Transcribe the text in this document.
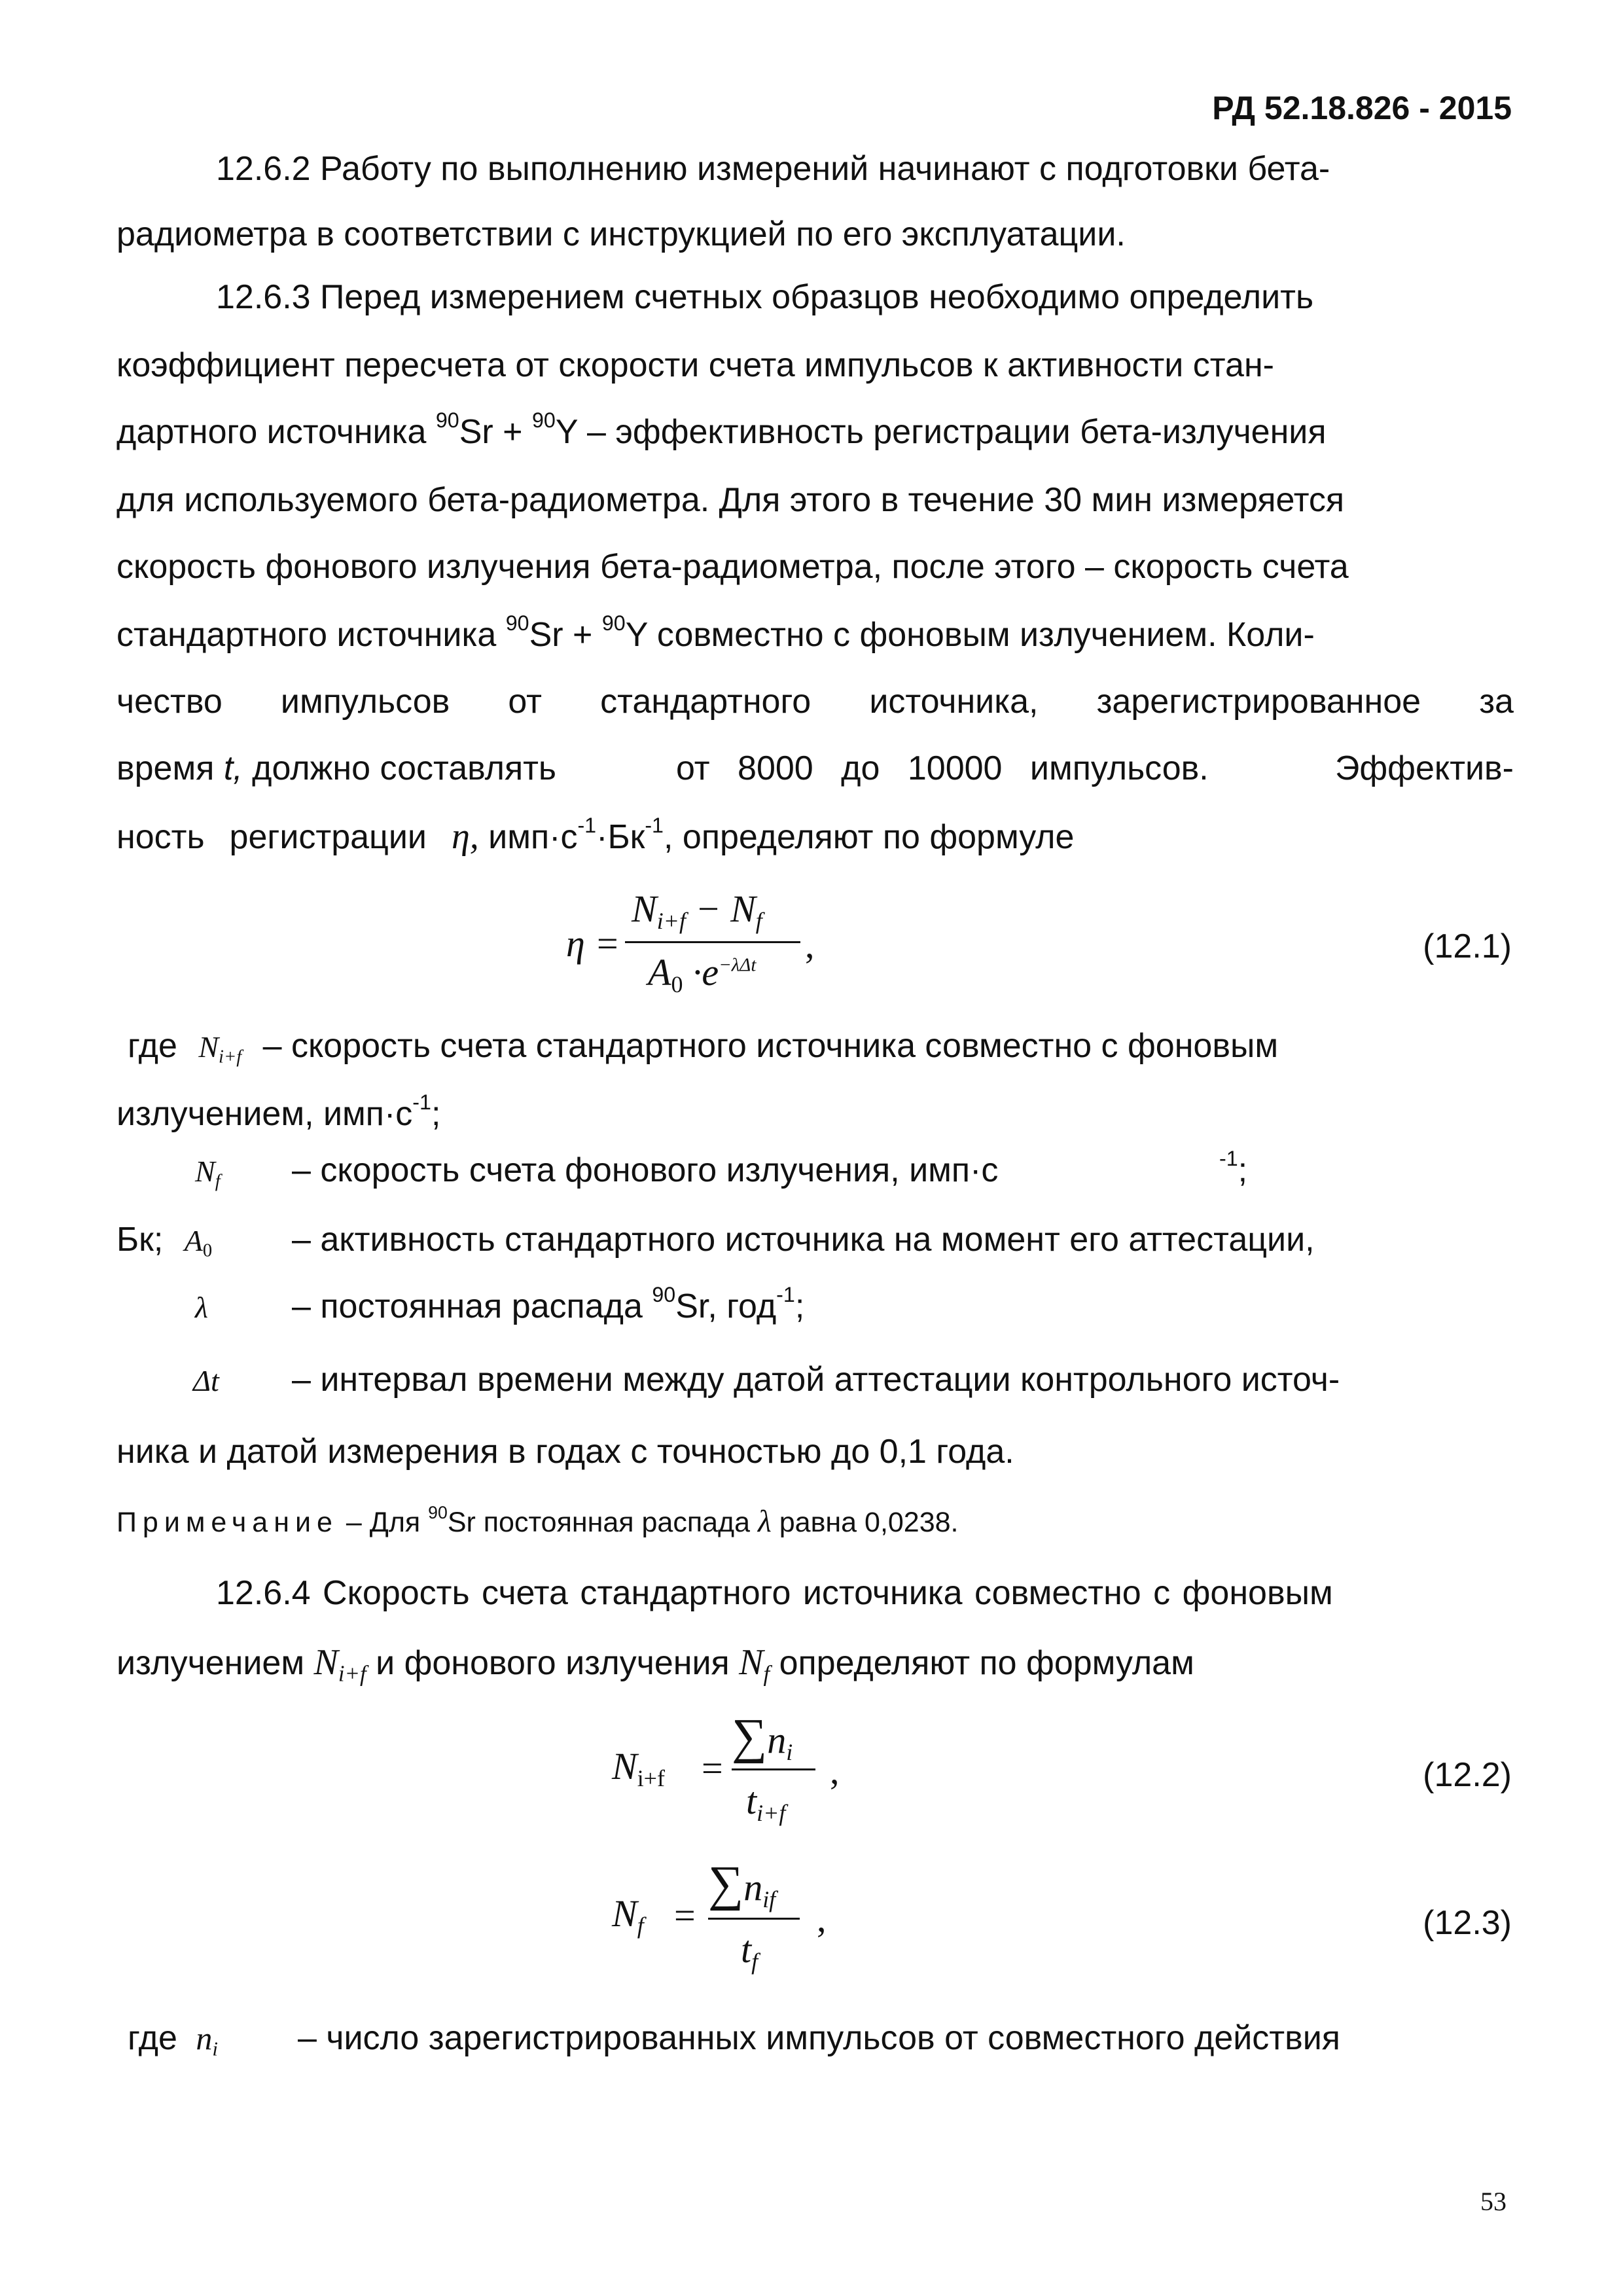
РД 52.18.826 - 2015
12.6.2 Работу по выполнению измерений начинают с подготовки бета-
радиометра в соответствии с инструкцией по его эксплуатации.
12.6.3 Перед измерением счетных образцов необходимо определить
коэффициент пересчета от скорости счета импульсов к активности стан-
дартного источника $^{90}$Sr + $^{90}$Y – эффективность регистрации бета-излучения
для используемого бета-радиометра. Для этого в течение 30 мин измеряется
скорость фонового излучения бета-радиометра, после этого – скорость счета
стандартного источника $^{90}$Sr + $^{90}$Y совместно с фоновым излучением. Коли-
чество импульсов от стандартного источника, зарегистрированное за
время t, должно составлять	от 8000 до 10000 импульсов.	Эффектив-
ность регистрации η, $имп\cdot с^{-1}\cdot Бк^{-1}$, определяют по формуле
η =
$N_{i+f} - N_f$
$A_0 \cdot e^{-\lambda\Delta t}$ ,	(12.1)
где $N_{i+f}$ – скорость счета стандартного источника совместно с фоновым
излучением, $имп\cdot с^{-1}$;
$N_f$ – скорость счета фонового излучения, имп·с	$^{-1}$;
Бк; $A_0$ – активность стандартного источника на момент его аттестации,
λ – постоянная распада $^{90}$Sr, год$^{-1}$;
Δt – интервал времени между датой аттестации контрольного источ-
ника и датой измерения в годах с точностью до 0,1 года.
Примечание – Для $^{90}$Sr постоянная распада λ равна 0,0238.
12.6.4 Скорость счета стандартного источника совместно с фоновым
излучением $N_{i+f}$ и фонового излучения $N_f$ определяют по формулам
$N_{i+f}$ =
$\sum n_i$
$t_{i+f}$
,	(12.2)
$N_f$ =
$\sum n_{if}$
$t_f$
,	(12.3)
где $n_i$ – число зарегистрированных импульсов от совместного действия
53
